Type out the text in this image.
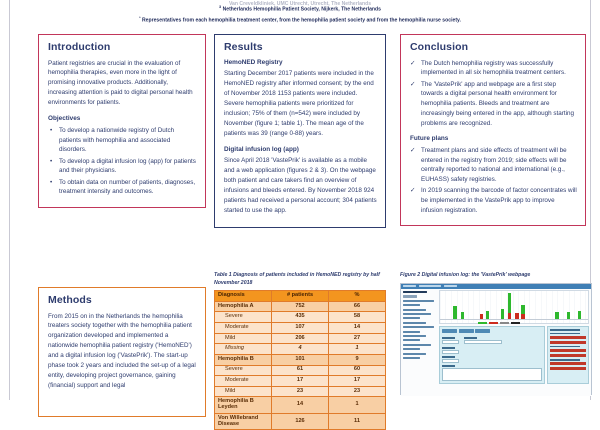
Van Creveldkliniek, UMC Utrecht, Utrecht, The Netherlands
$^3$ Netherlands Hemophilia Patient Society, Nijkerk, The Netherlands
* Representatives from each hemophilia treatment center, from the hemophilia patient society and from the hemophilia nurse society.
Introduction

Patient registries are crucial in the evaluation of hemophilia therapies, even more in the light of promising innovative products. Additionally, increasing attention is paid to digital personal health environments for patients.

Objectives
• To develop a nationwide registry of Dutch patients with hemophilia and associated disorders.
• To develop a digital infusion log (app) for patients and their physicians.
• To obtain data on number of patients, diagnoses, treatment intensity and outcomes.
Methods

From 2015 on in the Netherlands the hemophilia treaters society together with the hemophilia patient organization developed and implemented a nationwide hemophilia patient registry ('HemoNED') and a digital infusion log ('VastePrik'). The start-up phase took 2 years and included the set-up of a legal entity, developing project governance, gaining (financial) support and legal

Results
HemoNED Registry

Starting December 2017 patients were included in the HemoNED registry after informed consent; by the end of November 2018 1153 patients were included. Severe hemophilia patients were prioritized for inclusion; 75% of them (n=542) were included by November (figure 1; table 1). The mean age of the patients was 39 (range 0-88) years.

Digital infusion log (app)

Since April 2018 'VastePrik' is available as a mobile and a web application (figures 2 & 3). On the webpage both patient and care takers find an overview of infusions and bleeds entered. By November 2018 924 patients had received a personal account; 304 patients started to use the app.

Table 1 Diagnosis of patients included in HemoNED registry by half November 2018
Diagnosis	# patients	%
Hemophilia A	752	66
Severe	435	58
Moderate	107	14
Mild	206	27
Missing	4	1
Hemophilia B	101	9
Severe	61	60
Moderate	17	17
Mild	23	23
Hemophilia B Leyden	14	1
Von Willebrand Disease	126	11
Conclusion
✓ The Dutch hemophilia registry was successfully implemented in all six hemophilia treatment centers.
✓ The 'VastePrik' app and webpage are a first step towards a digital personal health environment for hemophilia patients. Bleeds and treatment are increasingly being entered in the app, although starting problems are recognized.
Future plans
✓ Treatment plans and side effects of treatment will be entered in the registry from 2019; side effects will be centrally reported to national and international (e.g., EUHASS) safety registries.
✓ In 2019 scanning the barcode of factor concentrates will be implemented in the VastePrik app to improve infusion registration.
Figure 2 Digital infusion log: the 'VastePrik' webpage
